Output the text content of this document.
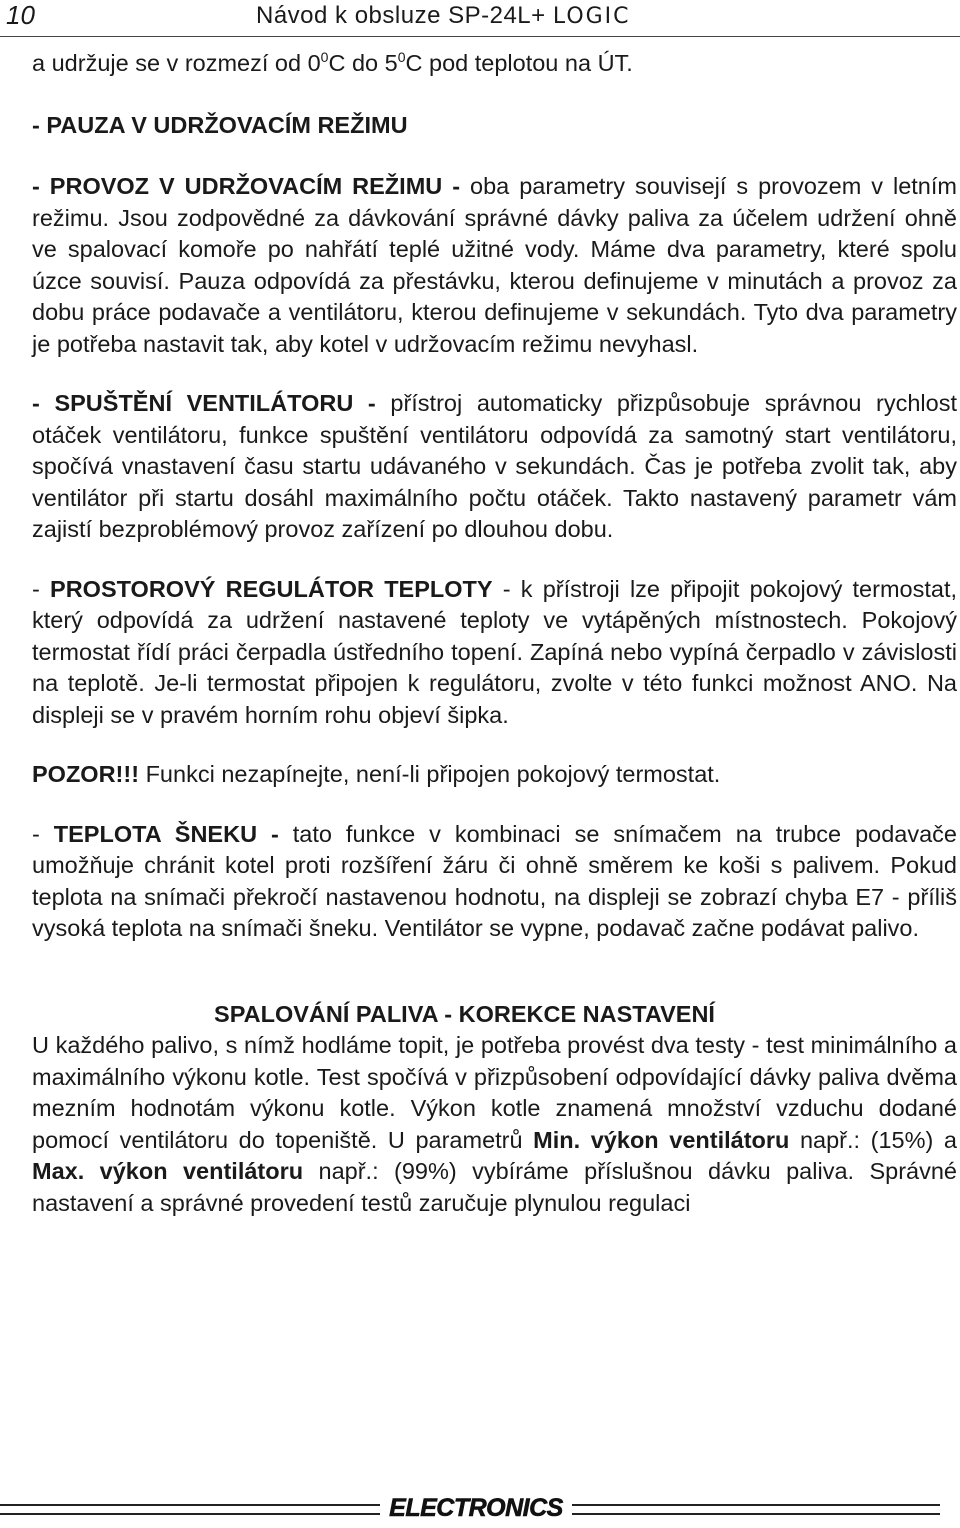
10	Návod k obsluze SP-24L+ LOGIC

a udržuje se v rozmezí od $0^0C$ do $5^0C$ pod teplotou na ÚT.

- PAUZA V UDRŽOVACÍM REŽIMU

- PROVOZ V UDRŽOVACÍM REŽIMU - oba parametry souvisejí s provozem v letním režimu. Jsou zodpovědné za dávkování správné dávky paliva za účelem udržení ohně ve spalovací komoře po nahřátí teplé užitné vody. Máme dva parametry, které spolu úzce souvisí. Pauza odpovídá za přestávku, kterou definujeme v minutách a provoz za dobu práce podavače a ventilátoru, kterou definujeme v sekundách. Tyto dva parametry je potřeba nastavit tak, aby kotel v udržovacím režimu nevyhasl.

- SPUŠTĚNÍ VENTILÁTORU - přístroj automaticky přizpůsobuje správnou rychlost otáček ventilátoru, funkce spuštění ventilátoru odpovídá za samotný start ventilátoru, spočívá vnastavení času startu udávaného v sekundách. Čas je potřeba zvolit tak, aby ventilátor při startu dosáhl maximálního počtu otáček. Takto nastavený parametr vám zajistí bezproblémový provoz zařízení po dlouhou dobu.

- PROSTOROVÝ REGULÁTOR TEPLOTY - k přístroji lze připojit pokojový termostat, který odpovídá za udržení nastavené teploty ve vytápěných místnostech. Pokojový termostat řídí práci čerpadla ústředního topení. Zapíná nebo vypíná čerpadlo v závislosti na teplotě. Je-li termostat připojen k regulátoru, zvolte v této funkci možnost ANO. Na displeji se v pravém horním rohu objeví šipka.

POZOR!!! Funkci nezapínejte, není-li připojen pokojový termostat.

- TEPLOTA ŠNEKU - tato funkce v kombinaci se snímačem na trubce podavače umožňuje chránit kotel proti rozšíření žáru či ohně směrem ke koši s palivem. Pokud teplota na snímači překročí nastavenou hodnotu, na displeji se zobrazí chyba E7 - příliš vysoká teplota na snímači šneku. Ventilátor se vypne, podavač začne podávat palivo.

SPALOVÁNÍ PALIVA - KOREKCE NASTAVENÍ

U každého palivo, s nímž hodláme topit, je potřeba provést dva testy - test minimálního a maximálního výkonu kotle. Test spočívá v přizpůsobení odpovídající dávky paliva dvěma mezním hodnotám výkonu kotle. Výkon kotle znamená množství vzduchu dodané pomocí ventilátoru do topeniště. U parametrů Min. výkon ventilátoru např.: (15%) a Max. výkon ventilátoru např.: (99%) vybíráme příslušnou dávku paliva. Správné nastavení a správné provedení testů zaručuje plynulou regulaci

ELECTRONICS
